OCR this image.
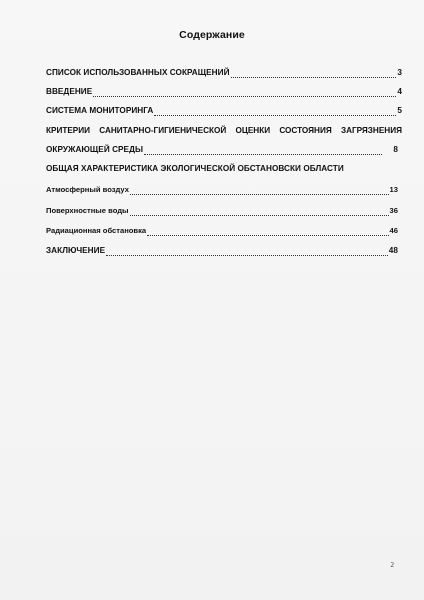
Содержание
СПИСОК ИСПОЛЬЗОВАННЫХ СОКРАЩЕНИЙ	3
ВВЕДЕНИЕ	4
СИСТЕМА МОНИТОРИНГА	5
КРИТЕРИИ САНИТАРНО-ГИГИЕНИЧЕСКОЙ ОЦЕНКИ СОСТОЯНИЯ ЗАГРЯЗНЕНИЯ
ОКРУЖАЮЩЕЙ СРЕДЫ	8
ОБЩАЯ ХАРАКТЕРИСТИКА ЭКОЛОГИЧЕСКОЙ ОБСТАНОВСКИ ОБЛАСТИ
Атмосферный воздух	13
Поверхностные воды	36
Радиационная обстановка	46
ЗАКЛЮЧЕНИЕ	48
2
